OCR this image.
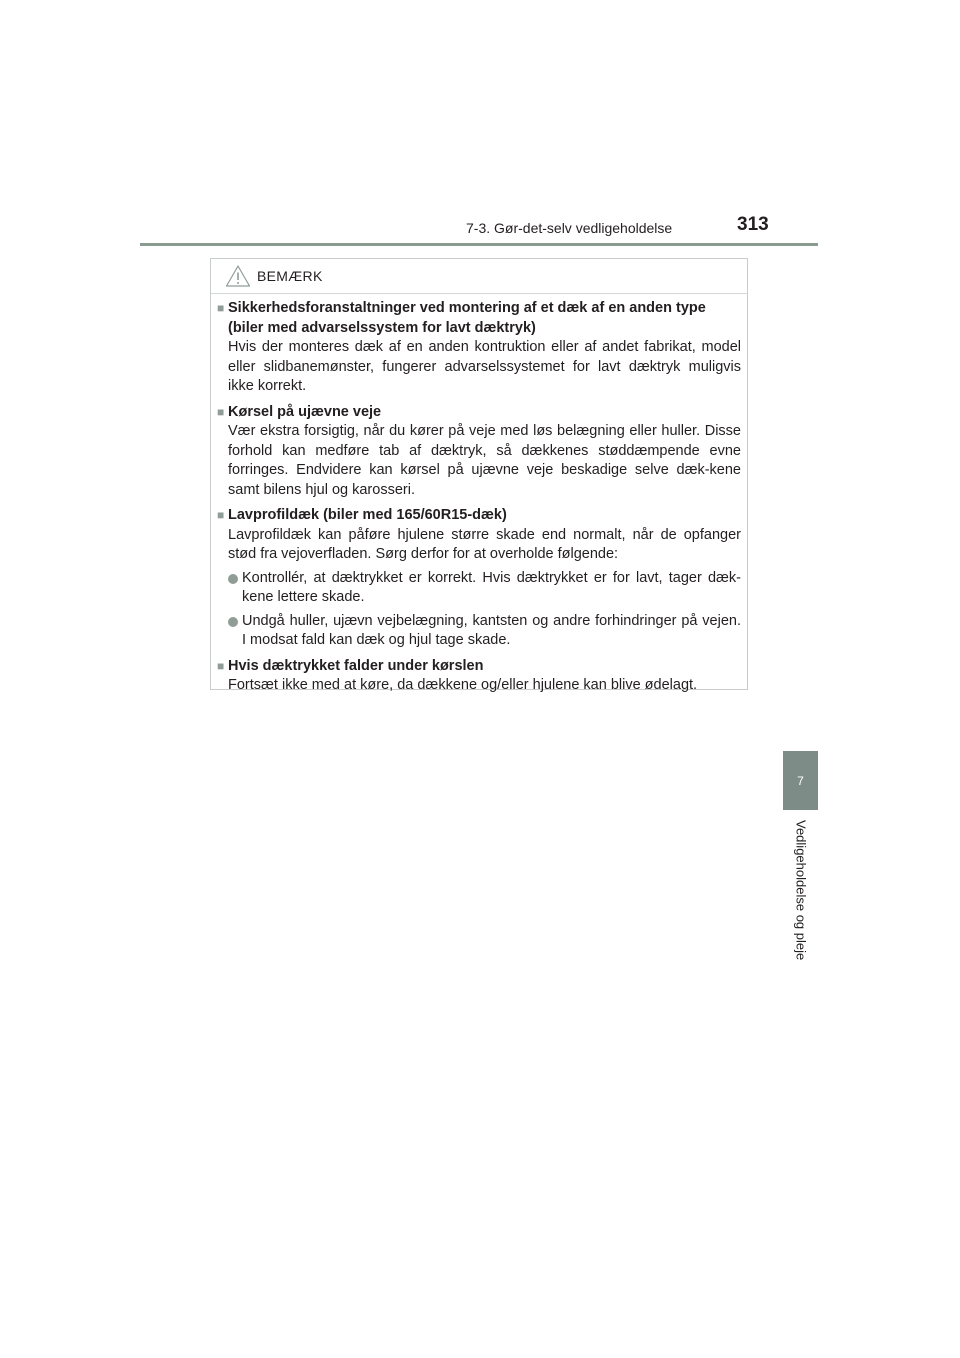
7-3. Gør-det-selv vedligeholdelse	313
7
Vedligeholdelse og pleje
BEMÆRK
■ Sikkerhedsforanstaltninger ved montering af et dæk af en anden type (biler med advarselssystem for lavt dæktryk)
Hvis der monteres dæk af en anden kontruktion eller af andet fabrikat, model eller slidbanemønster, fungerer advarselssystemet for lavt dæktryk muligvis ikke korrekt.
■ Kørsel på ujævne veje
Vær ekstra forsigtig, når du kører på veje med løs belægning eller huller. Disse forhold kan medføre tab af dæktryk, så dækkenes støddæmpende evne forringes. Endvidere kan kørsel på ujævne veje beskadige selve dæk-kene samt bilens hjul og karosseri.
■ Lavprofildæk (biler med 165/60R15-dæk)
Lavprofildæk kan påføre hjulene større skade end normalt, når de opfanger stød fra vejoverfladen. Sørg derfor for at overholde følgende:
Kontrollér, at dæktrykket er korrekt. Hvis dæktrykket er for lavt, tager dæk-kene lettere skade.
Undgå huller, ujævn vejbelægning, kantsten og andre forhindringer på vejen. I modsat fald kan dæk og hjul tage skade.
■ Hvis dæktrykket falder under kørslen
Fortsæt ikke med at køre, da dækkene og/eller hjulene kan blive ødelagt.
